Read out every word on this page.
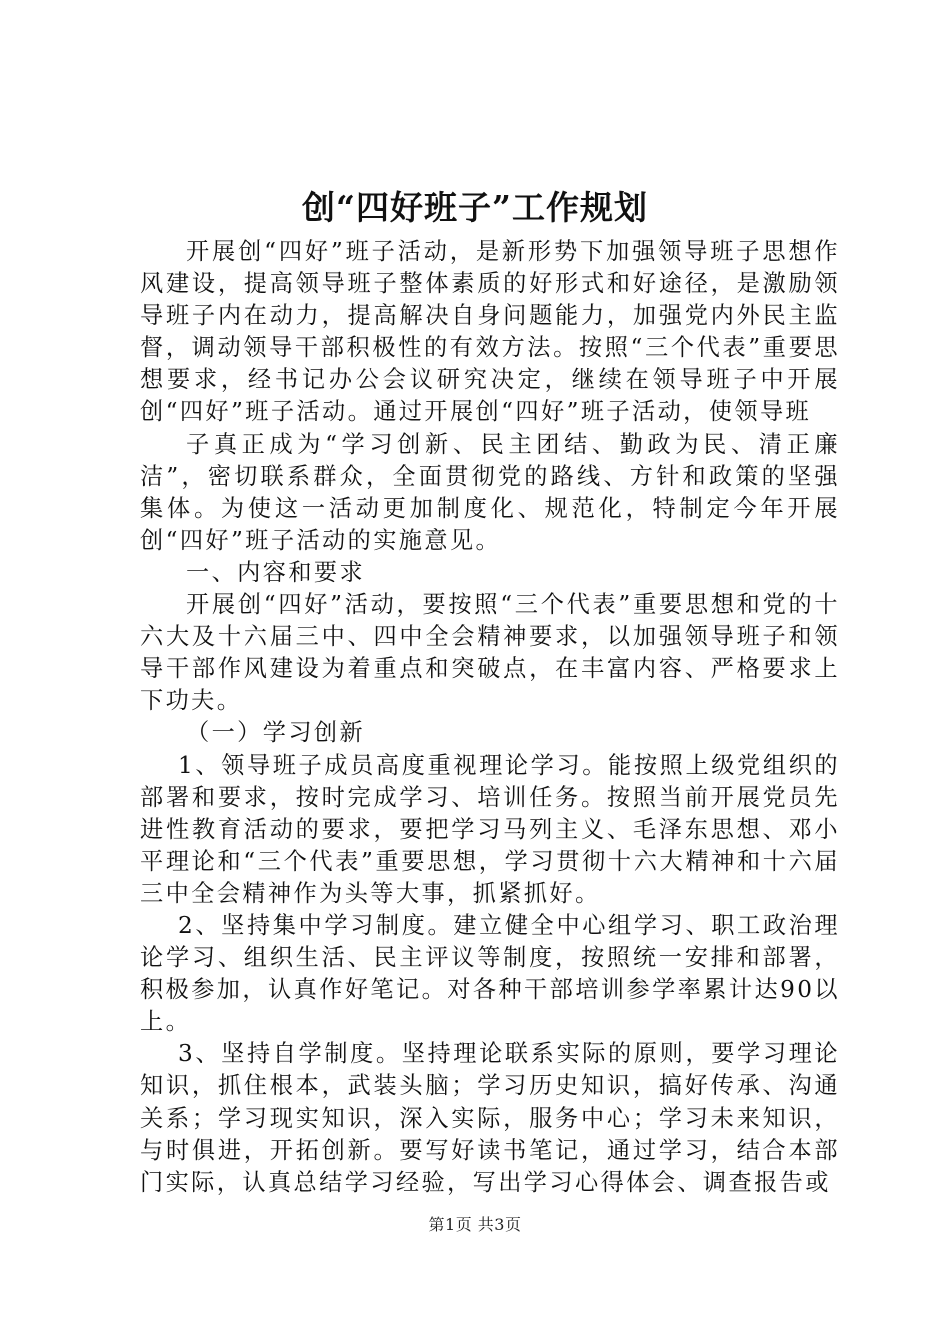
创“四好班子”工作规划

开展创“四好”班子活动，是新形势下加强领导班子思想作风建设，提高领导班子整体素质的好形式和好途径，是激励领导班子内在动力，提高解决自身问题能力，加强党内外民主监督，调动领导干部积极性的有效方法。按照“三个代表”重要思想要求，经书记办公会议研究决定，继续在领导班子中开展创“四好”班子活动。通过开展创“四好”班子活动，使领导班

子真正成为“学习创新、民主团结、勤政为民、清正廉洁”，密切联系群众，全面贯彻党的路线、方针和政策的坚强集体。为使这一活动更加制度化、规范化，特制定今年开展创“四好”班子活动的实施意见。

一、内容和要求

开展创“四好”活动，要按照“三个代表”重要思想和党的十六大及十六届三中、四中全会精神要求，以加强领导班子和领导干部作风建设为着重点和突破点，在丰富内容、严格要求上下功夫。

（一）学习创新

1、领导班子成员高度重视理论学习。能按照上级党组织的部署和要求，按时完成学习、培训任务。按照当前开展党员先进性教育活动的要求，要把学习马列主义、毛泽东思想、邓小平理论和“三个代表”重要思想，学习贯彻十六大精神和十六届三中全会精神作为头等大事，抓紧抓好。

2、坚持集中学习制度。建立健全中心组学习、职工政治理论学习、组织生活、民主评议等制度，按照统一安排和部署，积极参加，认真作好笔记。对各种干部培训参学率累计达90以上。

3、坚持自学制度。坚持理论联系实际的原则，要学习理论知识，抓住根本，武装头脑；学习历史知识，搞好传承、沟通关系；学习现实知识，深入实际，服务中心；学习未来知识，与时俱进，开拓创新。要写好读书笔记，通过学习，结合本部门实际，认真总结学习经验，写出学习心得体会、调查报告或

第1页 共3页
